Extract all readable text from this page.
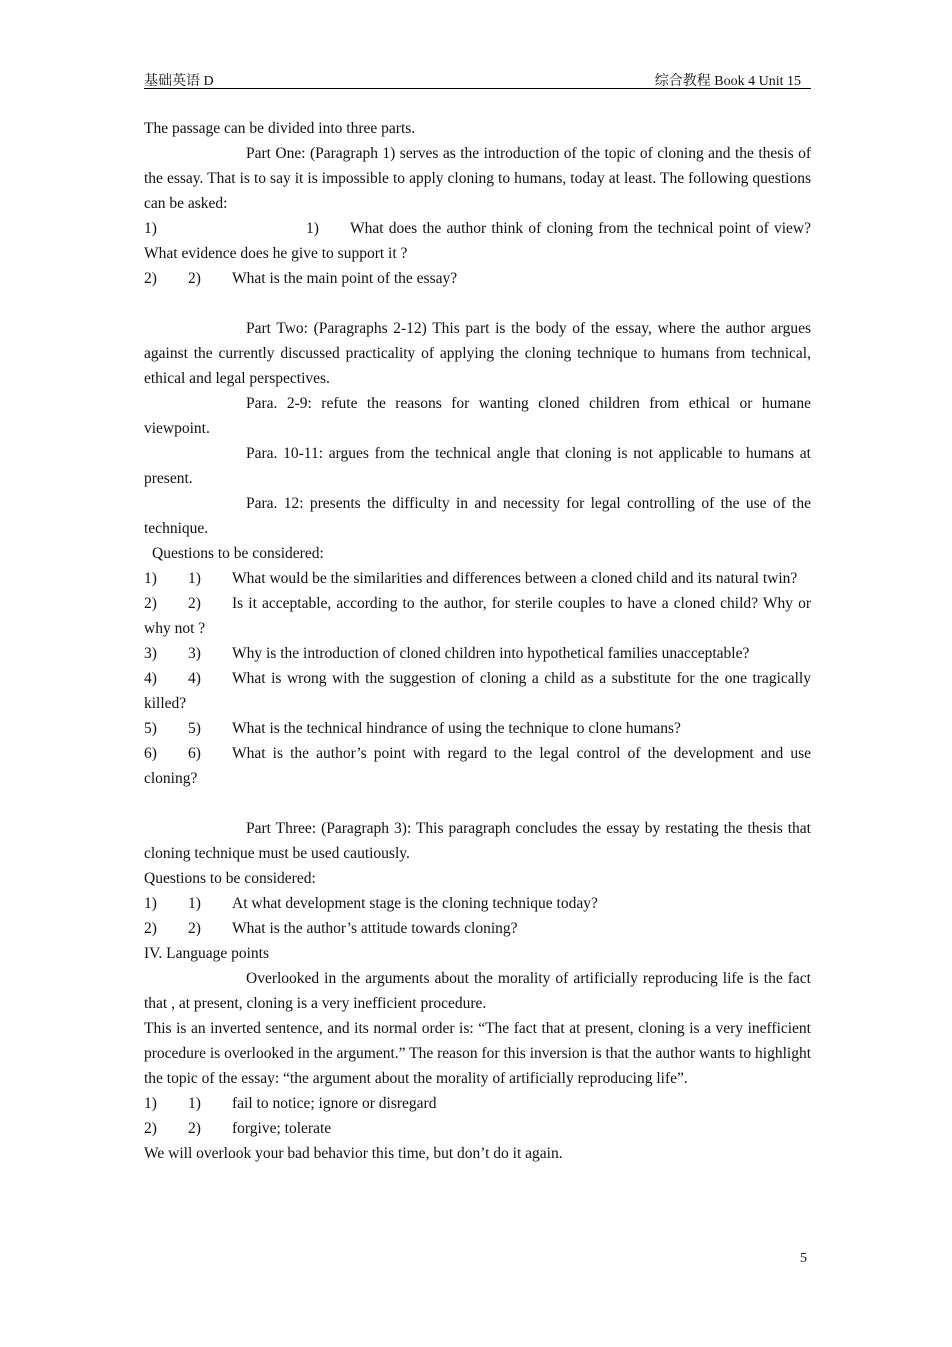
基础英语 D	综合教程 Book 4 Unit 15

The passage can be divided into three parts.

Part One: (Paragraph 1) serves as the introduction of the topic of cloning and the thesis of the essay. That is to say it is impossible to apply cloning to humans, today at least. The following questions can be asked:

1)	1) What does the author think of cloning from the technical point of view? What evidence does he give to support it ?

2) 2) What is the main point of the essay?

Part Two: (Paragraphs 2-12) This part is the body of the essay, where the author argues against the currently discussed practicality of applying the cloning technique to humans from technical, ethical and legal perspectives.

Para. 2-9: refute the reasons for wanting cloned children from ethical or humane viewpoint.

Para. 10-11: argues from the technical angle that cloning is not applicable to humans at present.

Para. 12: presents the difficulty in and necessity for legal controlling of the use of the technique.

Questions to be considered:

1) 1) What would be the similarities and differences between a cloned child and its natural twin?

2) 2) Is it acceptable, according to the author, for sterile couples to have a cloned child? Why or why not ?

3) 3) Why is the introduction of cloned children into hypothetical families unacceptable?

4) 4) What is wrong with the suggestion of cloning a child as a substitute for the one tragically killed?

5) 5) What is the technical hindrance of using the technique to clone humans?

6) 6) What is the author’s point with regard to the legal control of the development and use cloning?

Part Three: (Paragraph 3): This paragraph concludes the essay by restating the thesis that cloning technique must be used cautiously.

Questions to be considered:

1) 1) At what development stage is the cloning technique today?

2) 2) What is the author’s attitude towards cloning?

IV. Language points

Overlooked in the arguments about the morality of artificially reproducing life is the fact that , at present, cloning is a very inefficient procedure.

This is an inverted sentence, and its normal order is: “The fact that at present, cloning is a very inefficient procedure is overlooked in the argument.” The reason for this inversion is that the author wants to highlight the topic of the essay: “the argument about the morality of artificially reproducing life”.

1) 1) fail to notice; ignore or disregard

2) 2) forgive; tolerate

We will overlook your bad behavior this time, but don’t do it again.

5
